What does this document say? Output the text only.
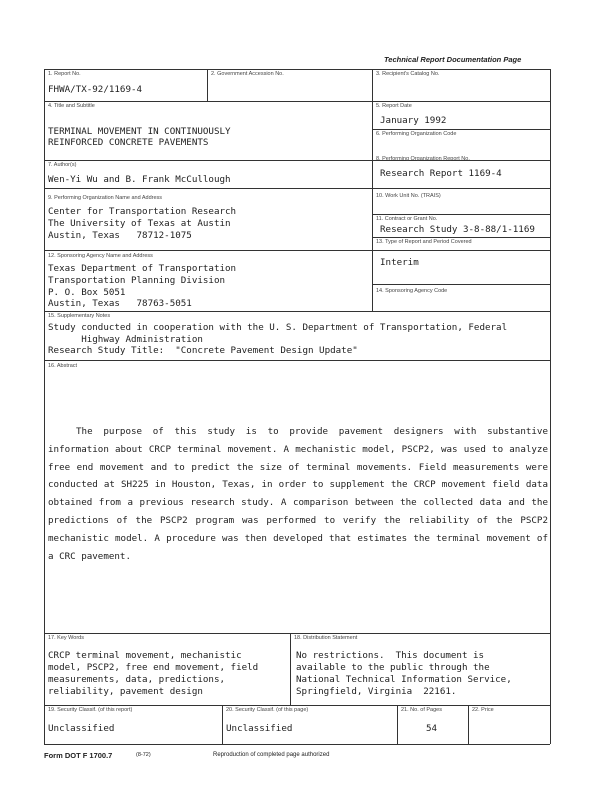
Technical Report Documentation Page
1. Report No.
FHWA/TX-92/1169-4
2. Government Accession No.	3. Recipient's Catalog No.
4. Title and Subtitle
TERMINAL MOVEMENT IN CONTINUOUSLY
REINFORCED CONCRETE PAVEMENTS
5. Report Date
January 1992
6. Performing Organization Code
7. Author(s)
Wen-Yi Wu and B. Frank McCullough
8. Performing Organization Report No.
Research Report 1169-4
9. Performing Organization Name and Address
Center for Transportation Research
The University of Texas at Austin
Austin, Texas   78712-1075
10. Work Unit No. (TRAIS)
11. Contract or Grant No.
Research Study 3-8-88/1-1169
13. Type of Report and Period Covered
Interim
12. Sponsoring Agency Name and Address
Texas Department of Transportation
Transportation Planning Division
P. O. Box 5051
Austin, Texas   78763-5051
14. Sponsoring Agency Code
15. Supplementary Notes
Study conducted in cooperation with the U. S. Department of Transportation, Federal
Highway Administration
Research Study Title:  "Concrete Pavement Design Update"
16. Abstract

The purpose of this study is to provide pavement designers with substantive information about CRCP terminal movement. A mechanistic model, PSCP2, was used to analyze free end movement and to predict the size of terminal movements. Field measurements were conducted at SH225 in Houston, Texas, in order to supplement the CRCP movement field data obtained from a previous research study. A comparison between the collected data and the predictions of the PSCP2 program was performed to verify the reliability of the PSCP2 mechanistic model. A procedure was then developed that estimates the terminal movement of a CRC pavement.

17. Key Words
CRCP terminal movement, mechanistic
model, PSCP2, free end movement, field
measurements, data, predictions,
reliability, pavement design
18. Distribution Statement
No restrictions.  This document is
available to the public through the
National Technical Information Service,
Springfield, Virginia  22161.
19. Security Classif. (of this report)
Unclassified
20. Security Classif. (of this page)
Unclassified
21. No. of Pages
54
22. Price
Form DOT F 1700.7	(8-72)	Reproduction of completed page authorized
